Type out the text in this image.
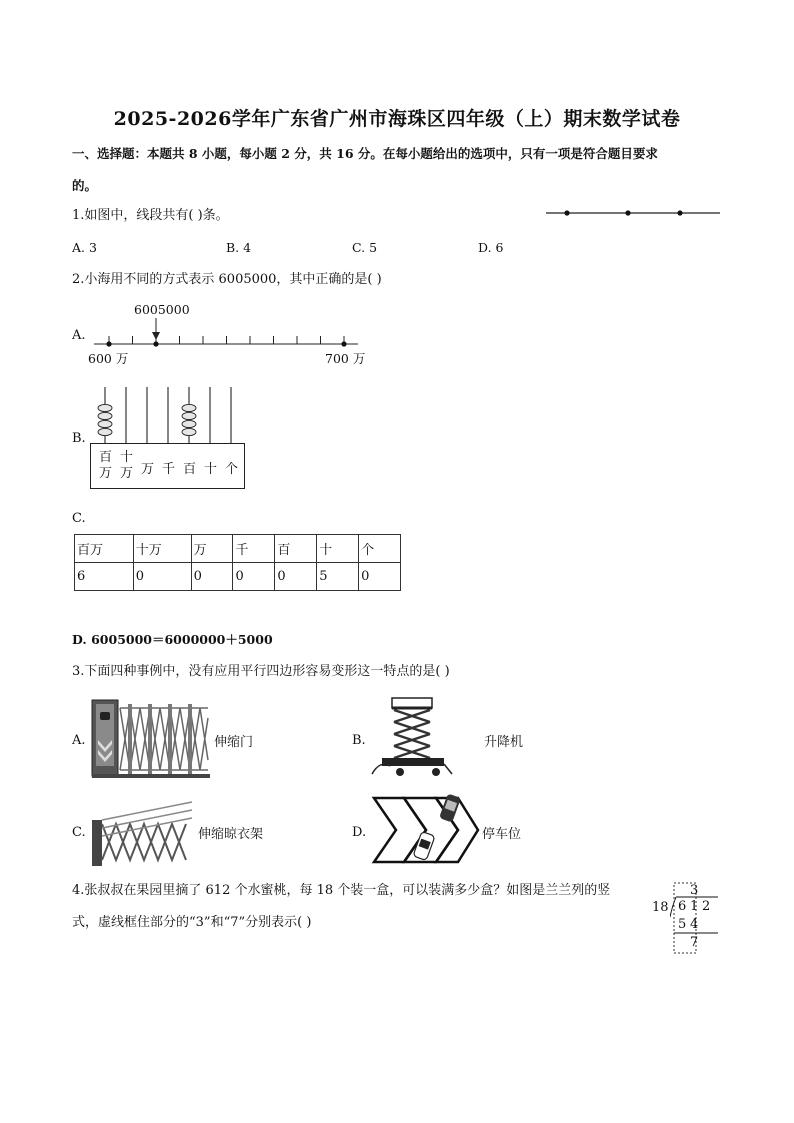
2025-2026学年广东省广州市海珠区四年级（上）期末数学试卷
一、选择题：本题共 8 小题，每小题 2 分，共 16 分。在每小题给出的选项中，只有一项是符合题目要求
的。
1.如图中，线段共有( )条。
A. 3	B. 4	C. 5	D. 6
2.小海用不同的方式表示 6005000，其中正确的是( )
A.
6005000
600 万	700 万
B.
百
万
十
万 万 千 百 十 个
C.
百万	十万	万	千	百	十	个
6	0	0	0	0	5	0
D. 6005000＝6000000＋5000
3.下面四种事例中，没有应用平行四边形容易变形这一特点的是( )
A.	伸缩门	B.	升降机
C.	伸缩晾衣架	D.	停车位
4.张叔叔在果园里摘了 612 个水蜜桃，每 18 个装一盒，可以装满多少盒？如图是兰兰列的竖
式，虚线框住部分的“3”和“7”分别表示( )
18
3
6 1 2
5 4
7
